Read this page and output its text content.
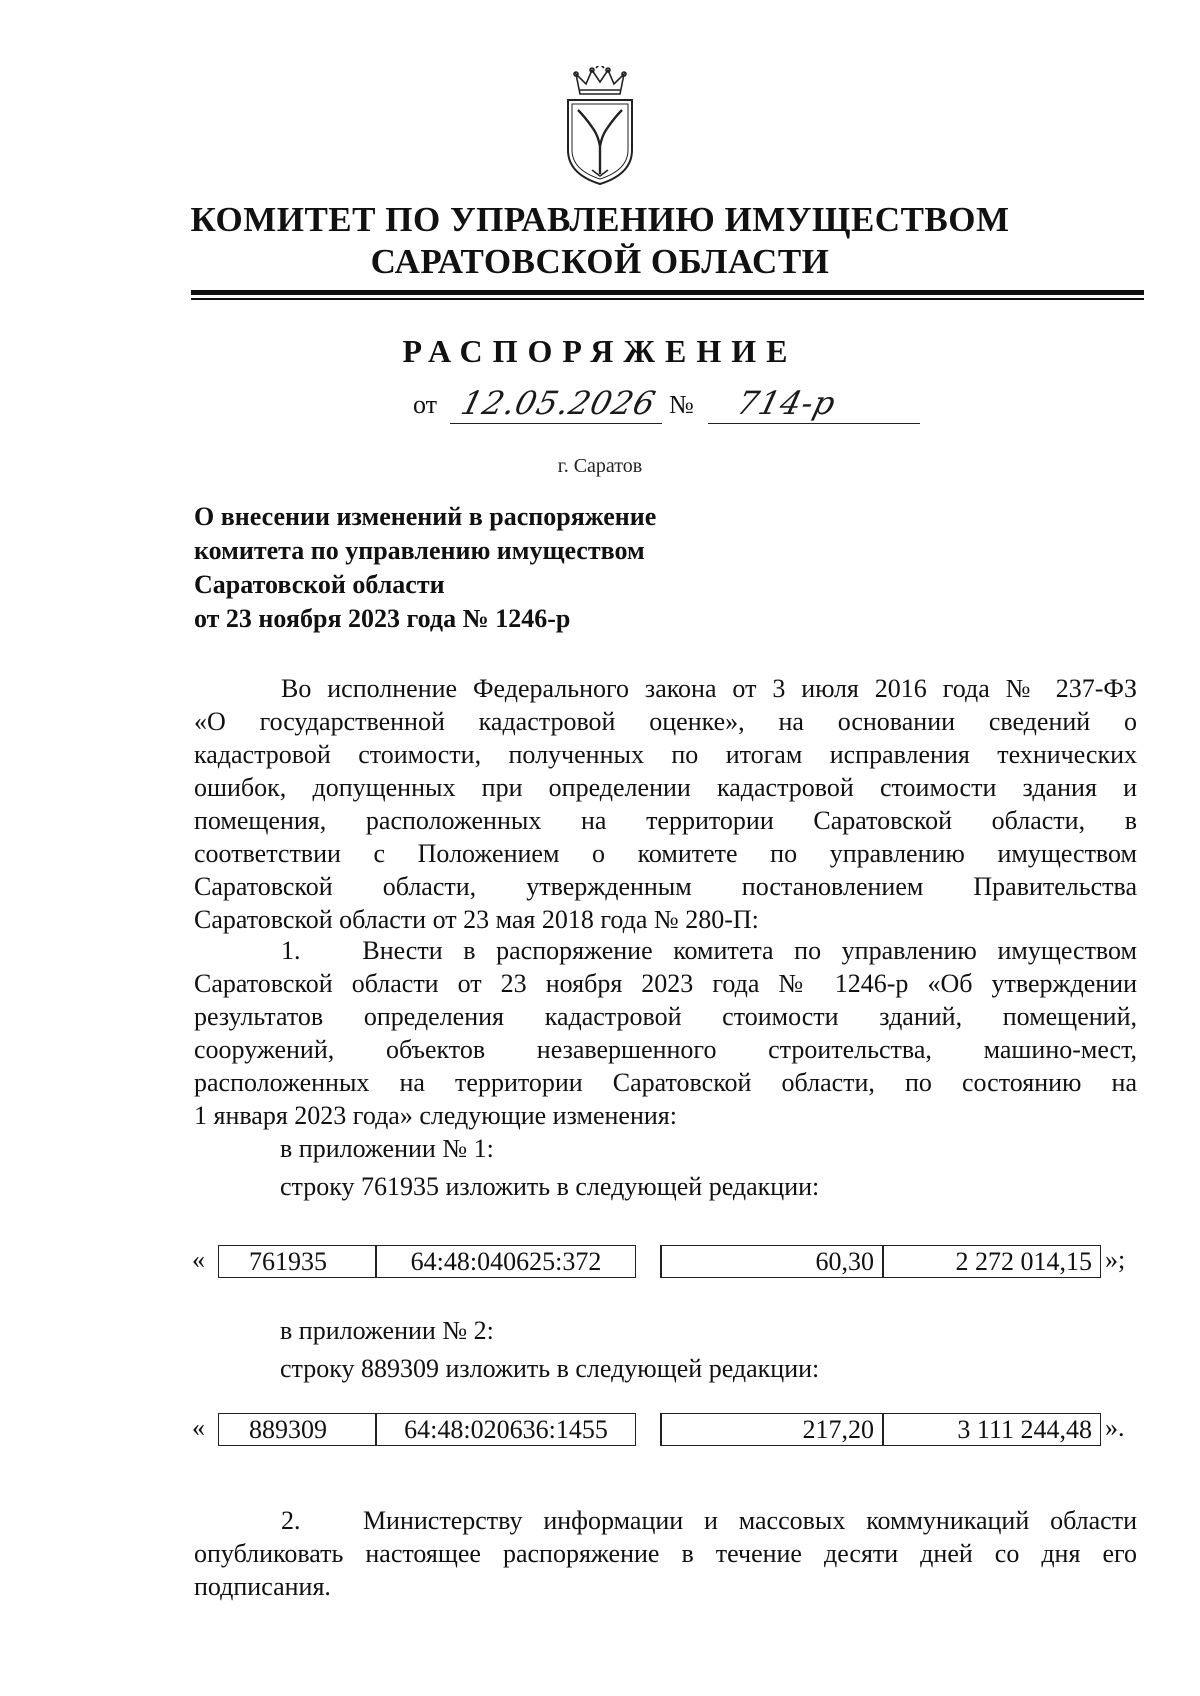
КОМИТЕТ ПО УПРАВЛЕНИЮ ИМУЩЕСТВОМ
САРАТОВСКОЙ ОБЛАСТИ
РАСПОРЯЖЕНИЕ
от 12.05.2026 № 714-р
г. Саратов
О внесении изменений в распоряжение
комитета по управлению имуществом
Саратовской области
от 23 ноября 2023 года № 1246-р
Во исполнение Федерального закона от 3 июля 2016 года № 237-ФЗ
«О государственной кадастровой оценке», на основании сведений о
кадастровой стоимости, полученных по итогам исправления технических
ошибок, допущенных при определении кадастровой стоимости здания и
помещения, расположенных на территории Саратовской области, в
соответствии с Положением о комитете по управлению имуществом
Саратовской области, утвержденным постановлением Правительства
Саратовской области от 23 мая 2018 года № 280-П:
1.   Внести в распоряжение комитета по управлению имуществом
Саратовской области от 23 ноября 2023 года № 1246-р «Об утверждении
результатов определения кадастровой стоимости зданий, помещений,
сооружений, объектов незавершенного строительства, машино-мест,
расположенных на территории Саратовской области, по состоянию на
1 января 2023 года» следующие изменения:
в приложении № 1:
строку 761935 изложить в следующей редакции:
«	761935	64:48:040625:372	60,30	2 272 014,15 »;
в приложении № 2:
строку 889309 изложить в следующей редакции:
«	889309	64:48:020636:1455	217,20	3 111 244,48 ».
2.   Министерству информации и массовых коммуникаций области
опубликовать настоящее распоряжение в течение десяти дней со дня его
подписания.
